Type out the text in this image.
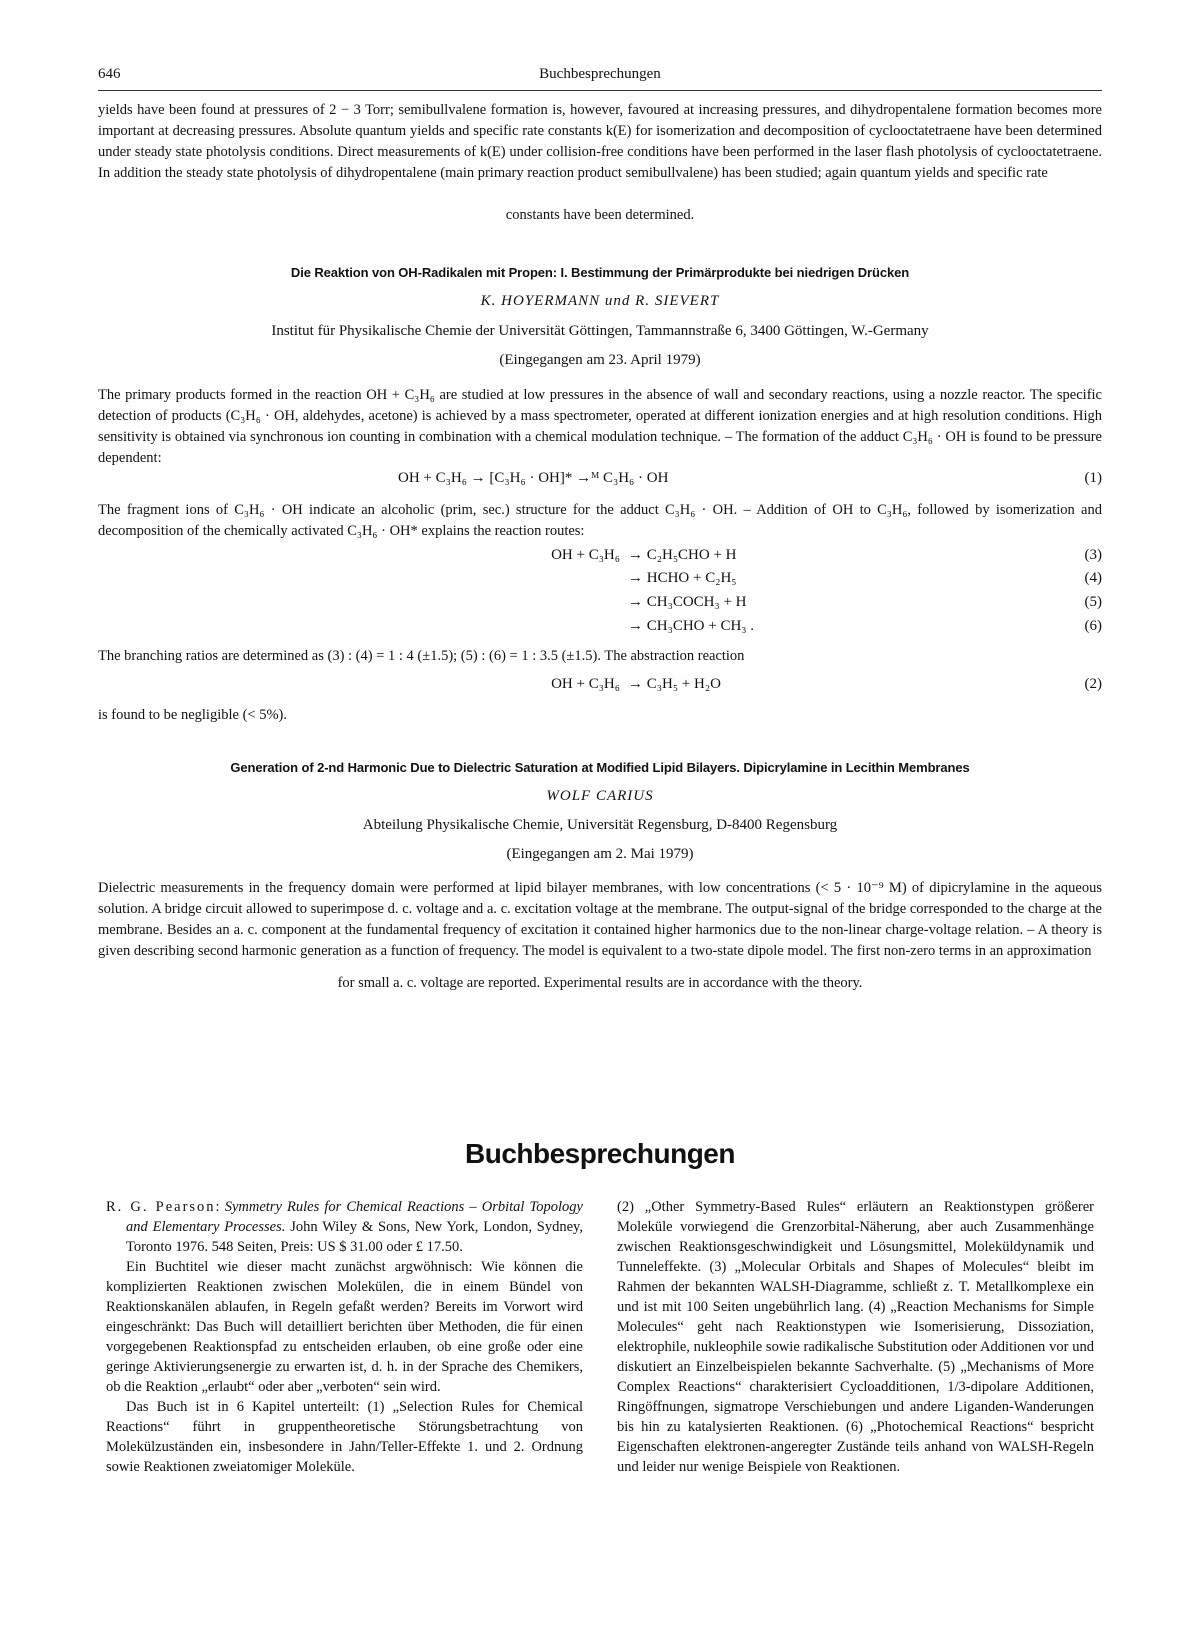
646	Buchbesprechungen
yields have been found at pressures of 2 − 3 Torr; semibullvalene formation is, however, favoured at increasing pressures, and dihydropentalene formation becomes more important at decreasing pressures. Absolute quantum yields and specific rate constants k(E) for isomerization and decomposition of cyclooctatetraene have been determined under steady state photolysis conditions. Direct measurements of k(E) under collision-free conditions have been performed in the laser flash photolysis of cyclooctatetraene. In addition the steady state photolysis of dihydropentalene (main primary reaction product semibullvalene) has been studied; again quantum yields and specific rate
constants have been determined.
Die Reaktion von OH-Radikalen mit Propen: I. Bestimmung der Primärprodukte bei niedrigen Drücken
K. HOYERMANN und R. SIEVERT
Institut für Physikalische Chemie der Universität Göttingen, Tammannstraße 6, 3400 Göttingen, W.-Germany
(Eingegangen am 23. April 1979)
The primary products formed in the reaction OH + C₃H₆ are studied at low pressures in the absence of wall and secondary reactions, using a nozzle reactor. The specific detection of products (C₃H₆ · OH, aldehydes, acetone) is achieved by a mass spectrometer, operated at different ionization energies and at high resolution conditions. High sensitivity is obtained via synchronous ion counting in combination with a chemical modulation technique. – The formation of the adduct C₃H₆ · OH is found to be pressure dependent:
OH + C₃H₆ → [C₃H₆ · OH]* →ᴹ C₃H₆ · OH	(1)
The fragment ions of C₃H₆ · OH indicate an alcoholic (prim, sec.) structure for the adduct C₃H₆ · OH. – Addition of OH to C₃H₆, followed by isomerization and decomposition of the chemically activated C₃H₆ · OH* explains the reaction routes:
OH + C₃H₆ → C₂H₅CHO + H	(3)
→ HCHO + C₂H₅	(4)
→ CH₃COCH₃ + H	(5)
→ CH₃CHO + CH₃ .	(6)
The branching ratios are determined as (3) : (4) = 1 : 4 (±1.5); (5) : (6) = 1 : 3.5 (±1.5). The abstraction reaction
OH + C₃H₆ → C₃H₅ + H₂O	(2)
is found to be negligible (< 5%).
Generation of 2-nd Harmonic Due to Dielectric Saturation at Modified Lipid Bilayers. Dipicrylamine in Lecithin Membranes
WOLF CARIUS
Abteilung Physikalische Chemie, Universität Regensburg, D-8400 Regensburg
(Eingegangen am 2. Mai 1979)
Dielectric measurements in the frequency domain were performed at lipid bilayer membranes, with low concentrations (< 5 · 10⁻⁹ M) of dipicrylamine in the aqueous solution. A bridge circuit allowed to superimpose d. c. voltage and a. c. excitation voltage at the membrane. The output-signal of the bridge corresponded to the charge at the membrane. Besides an a. c. component at the fundamental frequency of excitation it contained higher harmonics due to the non-linear charge-voltage relation. – A theory is given describing second harmonic generation as a function of frequency. The model is equivalent to a two-state dipole model. The first non-zero terms in an approximation
for small a. c. voltage are reported. Experimental results are in accordance with the theory.
Buchbesprechungen

R. G. Pearson: Symmetry Rules for Chemical Reactions – Orbital Topology and Elementary Processes. John Wiley & Sons, New York, London, Sydney, Toronto 1976. 548 Seiten, Preis: US $ 31.00 oder £ 17.50.

Ein Buchtitel wie dieser macht zunächst argwöhnisch: Wie können die komplizierten Reaktionen zwischen Molekülen, die in einem Bündel von Reaktionskanälen ablaufen, in Regeln gefaßt werden? Bereits im Vorwort wird eingeschränkt: Das Buch will detailliert berichten über Methoden, die für einen vorgegebenen Reaktionspfad zu entscheiden erlauben, ob eine große oder eine geringe Aktivierungsenergie zu erwarten ist, d. h. in der Sprache des Chemikers, ob die Reaktion „erlaubt“ oder aber „verboten“ sein wird.

Das Buch ist in 6 Kapitel unterteilt: (1) „Selection Rules for Chemical Reactions“ führt in gruppentheoretische Störungsbetrachtung von Molekülzuständen ein, insbesondere in Jahn/Teller-Effekte 1. und 2. Ordnung sowie Reaktionen zweiatomiger Moleküle.

(2) „Other Symmetry-Based Rules“ erläutern an Reaktionstypen größerer Moleküle vorwiegend die Grenzorbital-Näherung, aber auch Zusammenhänge zwischen Reaktionsgeschwindigkeit und Lösungsmittel, Moleküldynamik und Tunneleffekte. (3) „Molecular Orbitals and Shapes of Molecules“ bleibt im Rahmen der bekannten WALSH-Diagramme, schließt z. T. Metallkomplexe ein und ist mit 100 Seiten ungebührlich lang. (4) „Reaction Mechanisms for Simple Molecules“ geht nach Reaktionstypen wie Isomerisierung, Dissoziation, elektrophile, nukleophile sowie radikalische Substitution oder Additionen vor und diskutiert an Einzelbeispielen bekannte Sachverhalte. (5) „Mechanisms of More Complex Reactions“ charakterisiert Cycloadditionen, 1/3-dipolare Additionen, Ringöffnungen, sigmatrope Verschiebungen und andere Liganden-Wanderungen bis hin zu katalysierten Reaktionen. (6) „Photochemical Reactions“ bespricht Eigenschaften elektronen-angeregter Zustände teils anhand von WALSH-Regeln und leider nur wenige Beispiele von Reaktionen.
